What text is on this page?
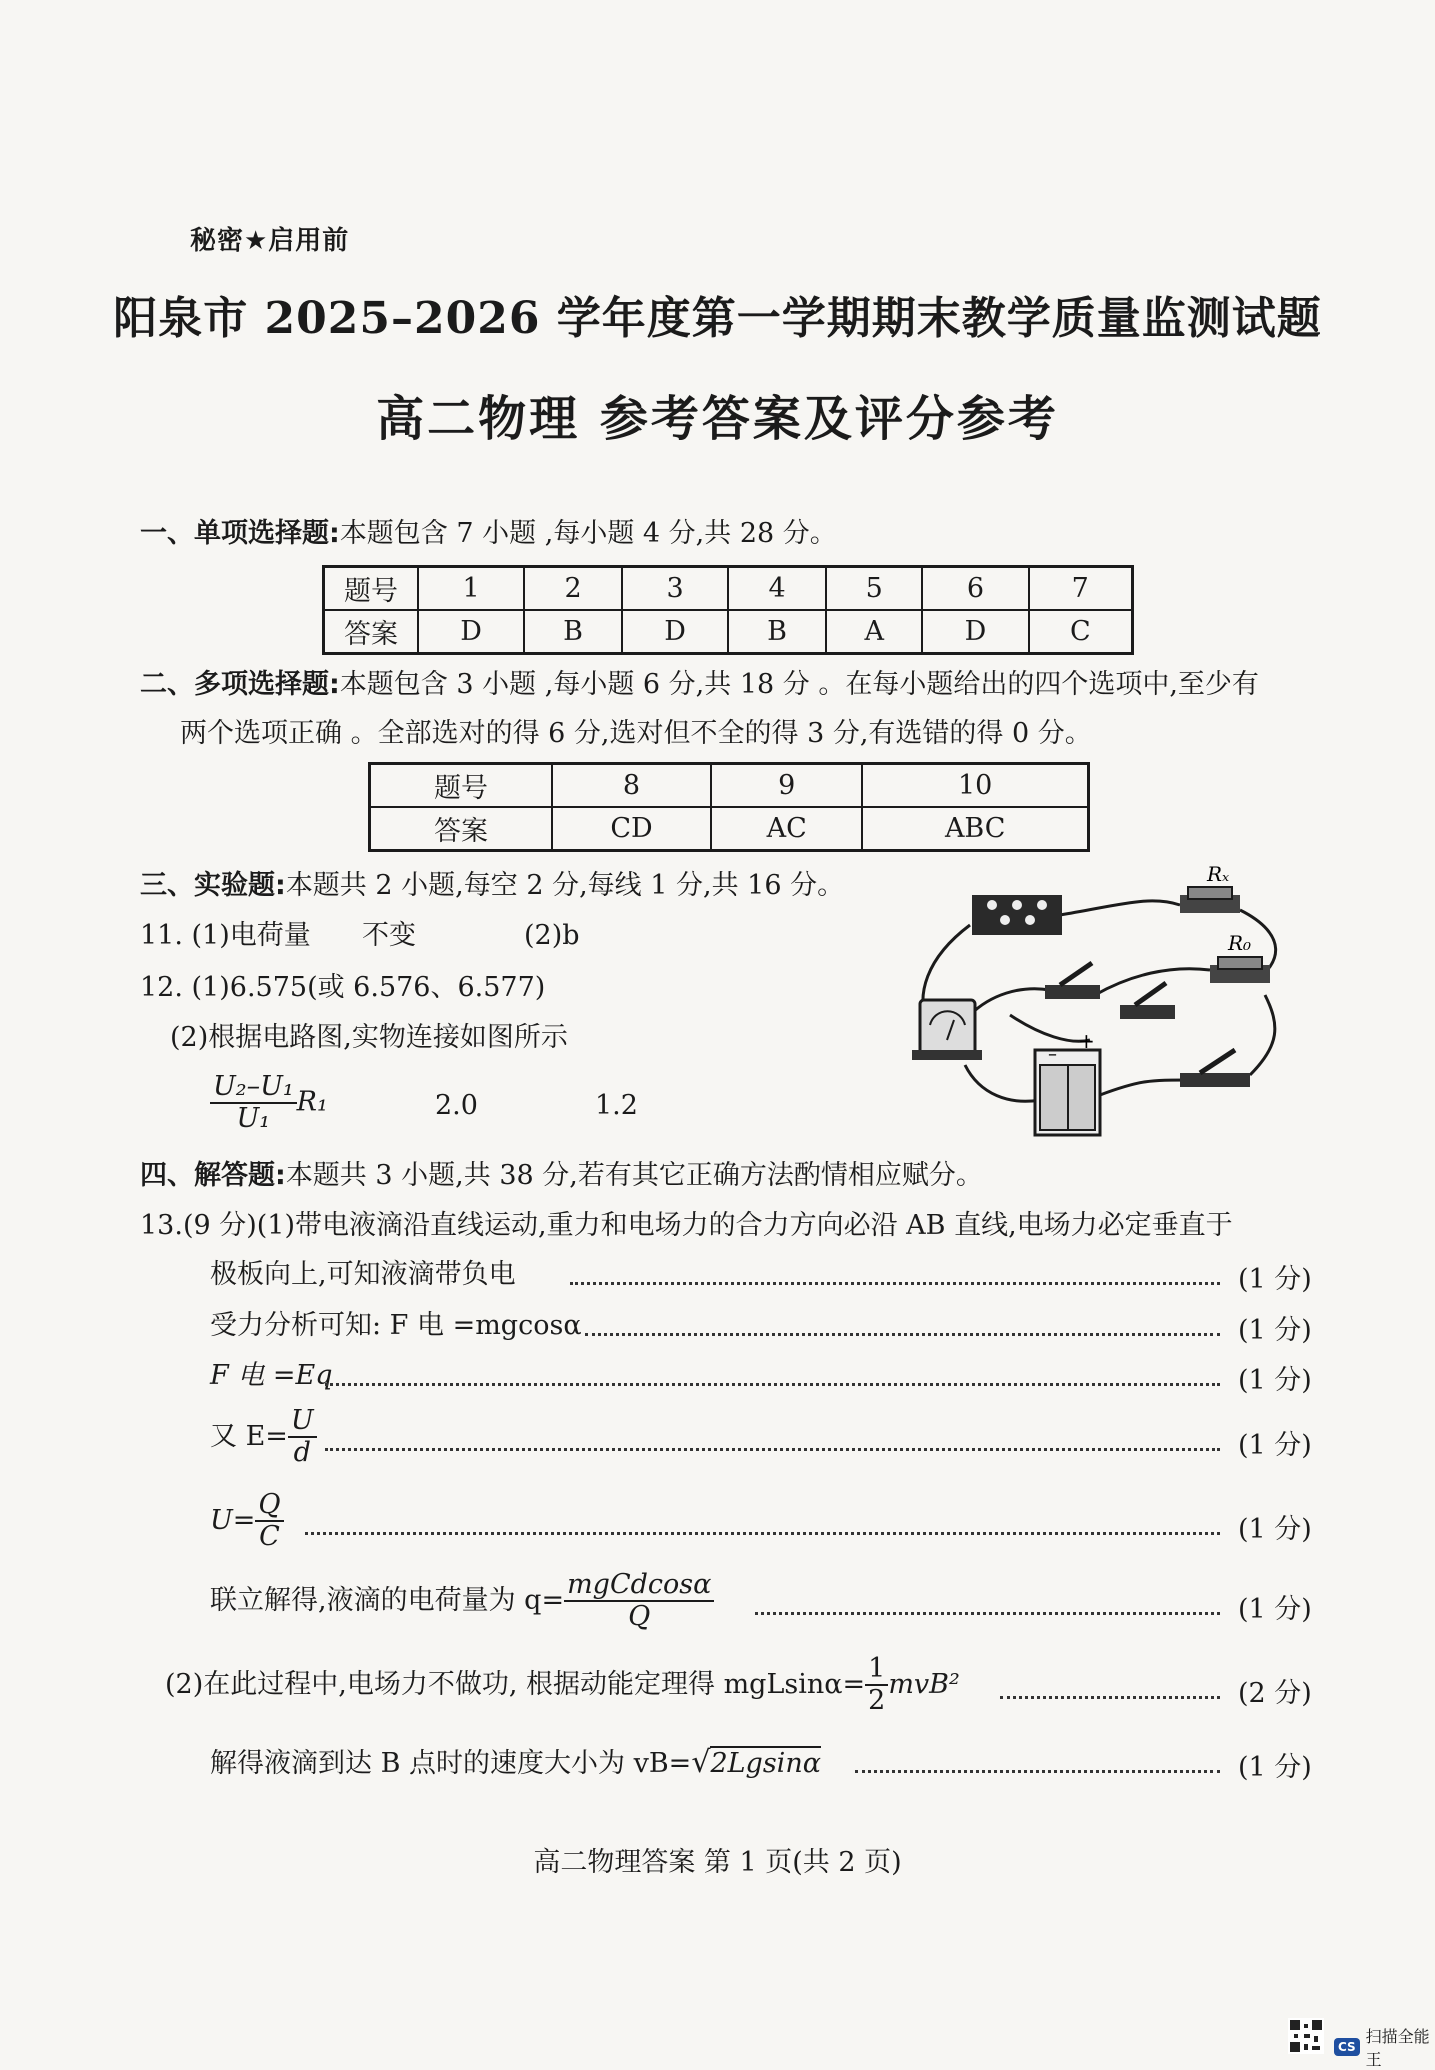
秘密★启用前
阳泉市 2025–2026 学年度第一学期期末教学质量监测试题
高二物理 参考答案及评分参考
一、单项选择题:本题包含 7 小题 ,每小题 4 分,共 28 分。
题号	1	2	3	4	5	6	7
答案	D	B	D	B	A	D	C
二、多项选择题:本题包含 3 小题 ,每小题 6 分,共 18 分 。在每小题给出的四个选项中,至少有
两个选项正确 。全部选对的得 6 分,选对但不全的得 3 分,有选错的得 0 分。
题号	8	9	10
答案	CD	AC	ABC
三、实验题:本题共 2 小题,每空 2 分,每线 1 分,共 16 分。
11. (1)电荷量 不变	(2)b
12. (1)6.575(或 6.576、6.577)
(2)根据电路图,实物连接如图所示
$\frac{\text{U₂–U₁}}{\text{U₁}} R_1$	2.0	1.2
Rₓ
R₀
–
+
四、解答题:本题共 3 小题,共 38 分,若有其它正确方法酌情相应赋分。
13.(9 分)(1)带电液滴沿直线运动,重力和电场力的合力方向必沿 AB 直线,电场力必定垂直于
极板向上,可知液滴带负电	(1 分)
受力分析可知: F 电 =mgcosα	(1 分)
F 电 =Eq	(1 分)
又 $E= \frac{U}{d}$	(1 分)
$U= \frac{Q}{C}$	(1 分)
联立解得,液滴的电荷量为 $q= \frac{\text{mgCdcosα}}{Q}$	(1 分)
(2)在此过程中,电场力不做功, 根据动能定理得 $mgLsin\alpha= \frac{1}{2} mvB^2$	(2 分)
解得液滴到达 B 点时的速度大小为 vB=√2Lgsinα	(1 分)
高二物理答案 第 1 页(共 2 页)
CS
扫描全能王
